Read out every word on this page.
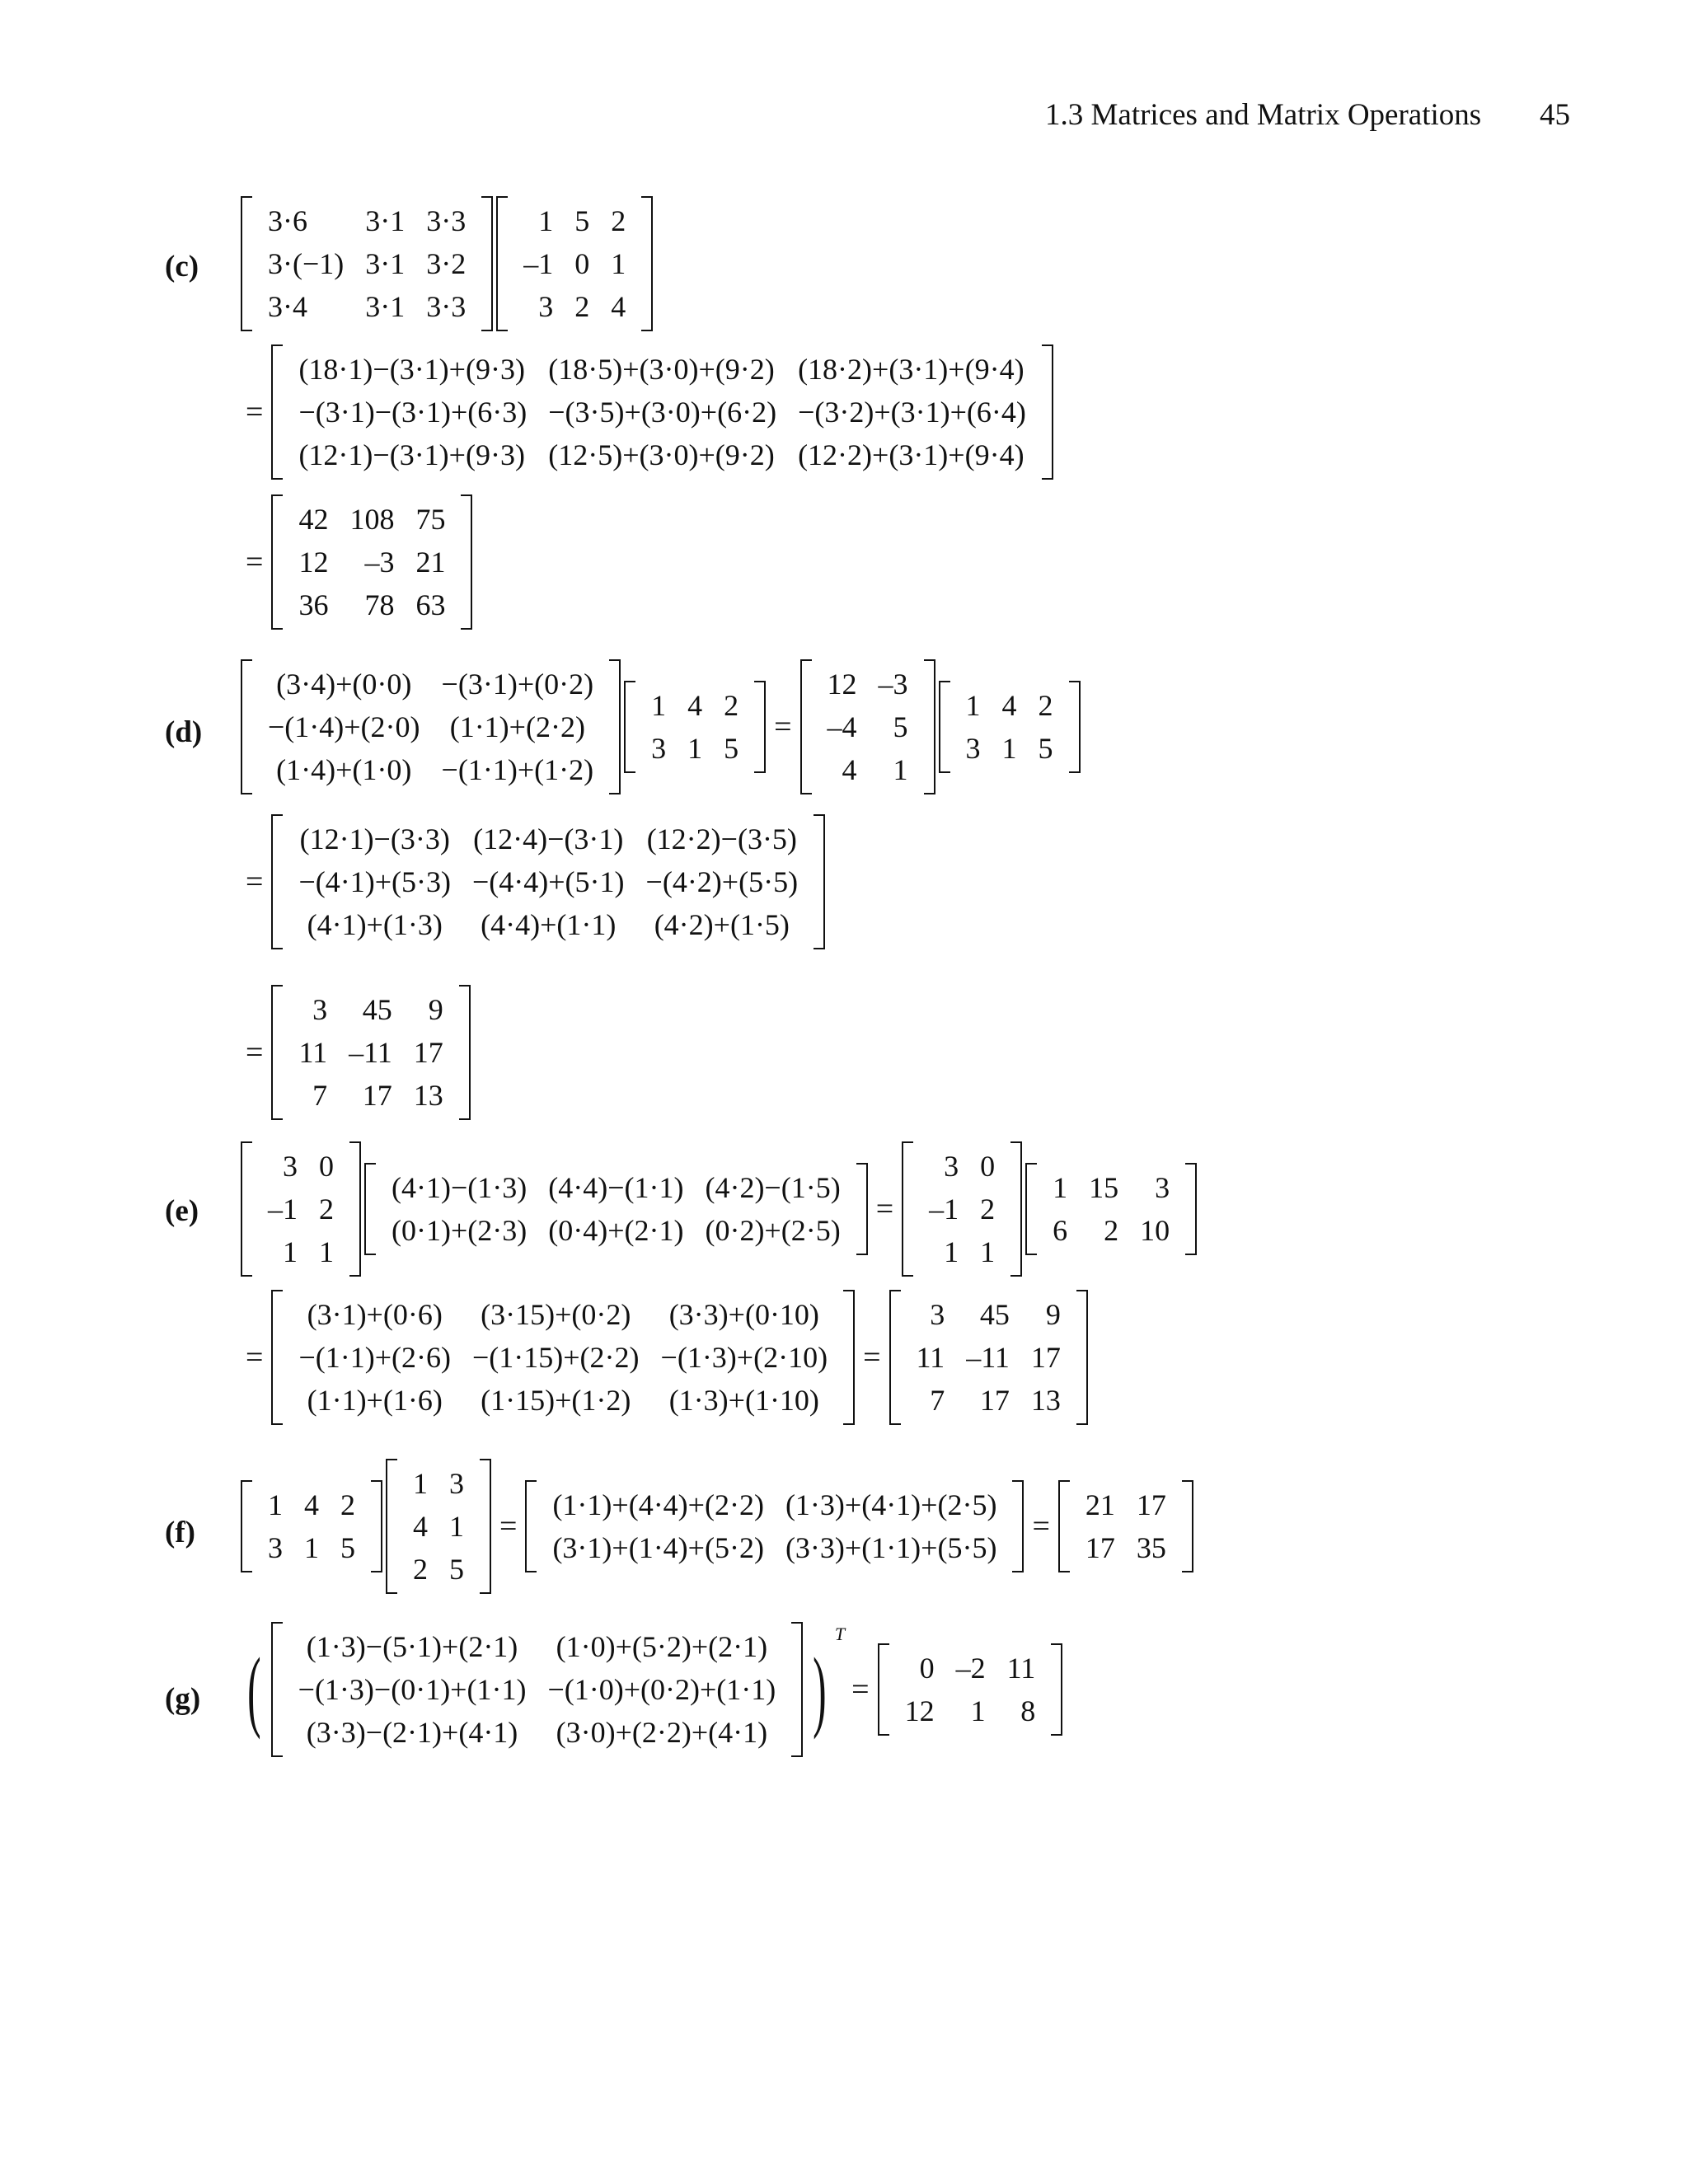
1.3 Matrices and Matrix Operations 45
(c)
3·6	3·1	3·3
3·(−1)	3·1	3·2
3·4	3·1	3·3
1	5	2
–1	0	1
3	2	4
=
(18·1)−(3·1)+(9·3)	(18·5)+(3·0)+(9·2)	(18·2)+(3·1)+(9·4)
−(3·1)−(3·1)+(6·3)	−(3·5)+(3·0)+(6·2)	−(3·2)+(3·1)+(6·4)
(12·1)−(3·1)+(9·3)	(12·5)+(3·0)+(9·2)	(12·2)+(3·1)+(9·4)
=
42	108	75
12	–3	21
36	78	63
(d)
(3·4)+(0·0)	−(3·1)+(0·2)
−(1·4)+(2·0)	(1·1)+(2·2)
(1·4)+(1·0)	−(1·1)+(1·2)
1	4	2
3	1	5
=
12	–3
–4	5
4	1
1	4	2
3	1	5
=
(12·1)−(3·3)	(12·4)−(3·1)	(12·2)−(3·5)
−(4·1)+(5·3)	−(4·4)+(5·1)	−(4·2)+(5·5)
(4·1)+(1·3)	(4·4)+(1·1)	(4·2)+(1·5)
=
3	45	9
11	–11	17
7	17	13
(e)
3	0
–1	2
1	1
(4·1)−(1·3)	(4·4)−(1·1)	(4·2)−(1·5)
(0·1)+(2·3)	(0·4)+(2·1)	(0·2)+(2·5)
=
3	0
–1	2
1	1
1	15	3
6	2	10
=
(3·1)+(0·6)	(3·15)+(0·2)	(3·3)+(0·10)
−(1·1)+(2·6)	−(1·15)+(2·2)	−(1·3)+(2·10)
(1·1)+(1·6)	(1·15)+(1·2)	(1·3)+(1·10)
=
3	45	9
11	–11	17
7	17	13
(f)
1	4	2
3	1	5
1	3
4	1
2	5
=
(1·1)+(4·4)+(2·2)	(1·3)+(4·1)+(2·5)
(3·1)+(1·4)+(5·2)	(3·3)+(1·1)+(5·5)
=
21	17
17	35
(g) ( (1·3)−(5·1)+(2·1)	(1·0)+(5·2)+(2·1)
−(1·3)−(0·1)+(1·1)	−(1·0)+(0·2)+(1·1)
(3·3)−(2·1)+(4·1)	(3·0)+(2·2)+(4·1) )
T
=
0	–2	11
12	1	8
